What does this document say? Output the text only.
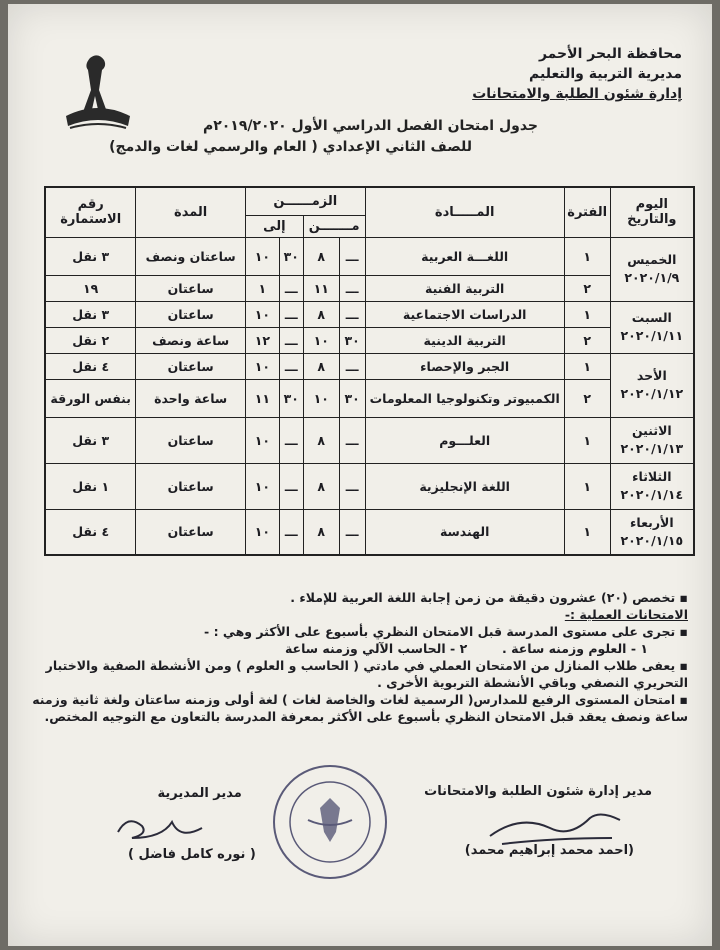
محافظة البحر الأحمر
مديرية التربية والتعليم
إدارة شئون الطلبة والامتحانات
جدول امتحان الفصل الدراسي الأول ٢٠١٩/٢٠٢٠م
للصف الثاني الإعدادي ( العام والرسمي لغات والدمج)
اليوم والتاريخ	الفترة	المـــــادة	الزمــــــن				المدة	رقم الاستمارة
			مـــــــن		إلى			

الخميس
٢٠٢٠/١/٩	١	اللغـــة العربية	ـــ	٨	٣٠	١٠	ساعتان ونصف	٣ نقل
	٢	التربية الفنية	ـــ	١١	ـــ	١	ساعتان	١٩

السبت
٢٠٢٠/١/١١	١	الدراسات الاجتماعية	ـــ	٨	ـــ	١٠	ساعتان	٣ نقل
	٢	التربية الدينية	٣٠	١٠	ـــ	١٢	ساعة ونصف	٢ نقل

الأحد
٢٠٢٠/١/١٢	١	الجبر والإحصاء	ـــ	٨	ـــ	١٠	ساعتان	٤ نقل
	٢	الكمبيوتر وتكنولوجيا المعلومات	٣٠	١٠	٣٠	١١	ساعة واحدة	بنفس الورقة

الاثنين
٢٠٢٠/١/١٣	١	العلـــوم	ـــ	٨	ـــ	١٠	ساعتان	٣ نقل

الثلاثاء
٢٠٢٠/١/١٤	١	اللغة الإنجليزية	ـــ	٨	ـــ	١٠	ساعتان	١ نقل

الأربعاء
٢٠٢٠/١/١٥	١	الهندسة	ـــ	٨	ـــ	١٠	ساعتان	٤ نقل

▪ تخصص (٢٠) عشرون دقيقة من زمن إجابة اللغة العربية للإملاء .

الامتحانات العملية :-

▪ تجرى على مستوى المدرسة قبل الامتحان النظري بأسبوع على الأكثر وهي : -

١ - العلوم وزمنه ساعة .        ٢ - الحاسب الآلي وزمنه ساعة

▪ يعفى طلاب المنازل من الامتحان العملي في مادتي ( الحاسب و العلوم ) ومن الأنشطة الصفية والاختبار التحريري النصفي وباقي الأنشطة التربوية الأخرى .

▪ امتحان المستوى الرفيع للمدارس( الرسمية لغات والخاصة لغات ) لغة أولى وزمنه ساعتان ولغة ثانية وزمنه ساعة ونصف يعقد قبل الامتحان النظري بأسبوع على الأكثر بمعرفة المدرسة بالتعاون مع التوجيه المختص.

مدير إدارة شئون الطلبة والامتحانات
(احمد محمد إبراهيم محمد)
مدير المديرية
( نوره كامل فاضل )
